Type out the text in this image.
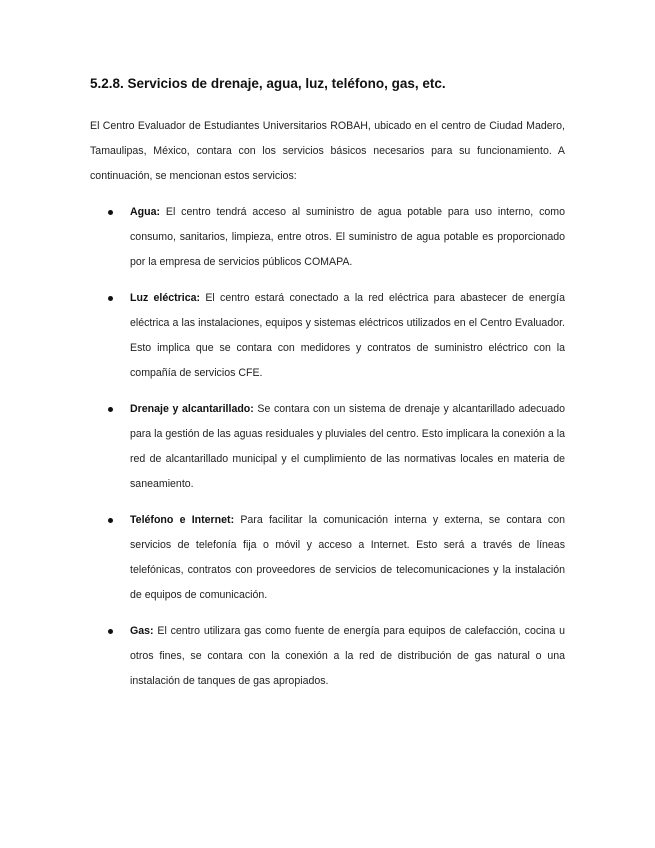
5.2.8. Servicios de drenaje, agua, luz, teléfono, gas, etc.

El Centro Evaluador de Estudiantes Universitarios ROBAH, ubicado en el centro de Ciudad Madero, Tamaulipas, México, contara con los servicios básicos necesarios para su funcionamiento. A continuación, se mencionan estos servicios:

Agua: El centro tendrá acceso al suministro de agua potable para uso interno, como consumo, sanitarios, limpieza, entre otros. El suministro de agua potable es proporcionado por la empresa de servicios públicos COMAPA.
Luz eléctrica: El centro estará conectado a la red eléctrica para abastecer de energía eléctrica a las instalaciones, equipos y sistemas eléctricos utilizados en el Centro Evaluador. Esto implica que se contara con medidores y contratos de suministro eléctrico con la compañía de servicios CFE.
Drenaje y alcantarillado: Se contara con un sistema de drenaje y alcantarillado adecuado para la gestión de las aguas residuales y pluviales del centro. Esto implicara la conexión a la red de alcantarillado municipal y el cumplimiento de las normativas locales en materia de saneamiento.
Teléfono e Internet: Para facilitar la comunicación interna y externa, se contara con servicios de telefonía fija o móvil y acceso a Internet. Esto será a través de líneas telefónicas, contratos con proveedores de servicios de telecomunicaciones y la instalación de equipos de comunicación.
Gas: El centro utilizara gas como fuente de energía para equipos de calefacción, cocina u otros fines, se contara con la conexión a la red de distribución de gas natural o una instalación de tanques de gas apropiados.
